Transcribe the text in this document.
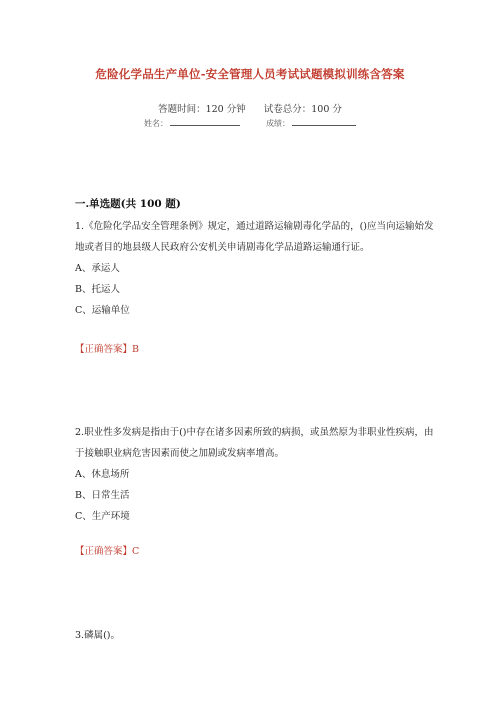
危险化学品生产单位-安全管理人员考试试题模拟训练含答案
答题时间：120 分钟 试卷总分：100 分
姓名：	成绩：
一.单选题(共 100 题)

1.《危险化学品安全管理条例》规定，通过道路运输剧毒化学品的，()应当向运输始发地或者目的地县级人民政府公安机关申请剧毒化学品道路运输通行证。

A、承运人

B、托运人

C、运输单位

【正确答案】B

2.职业性多发病是指由于()中存在诸多因素所致的病损，或虽然原为非职业性疾病，由于接触职业病危害因素而使之加剧或发病率增高。

A、休息场所

B、日常生活

C、生产环境

【正确答案】C

3.磷属()。
